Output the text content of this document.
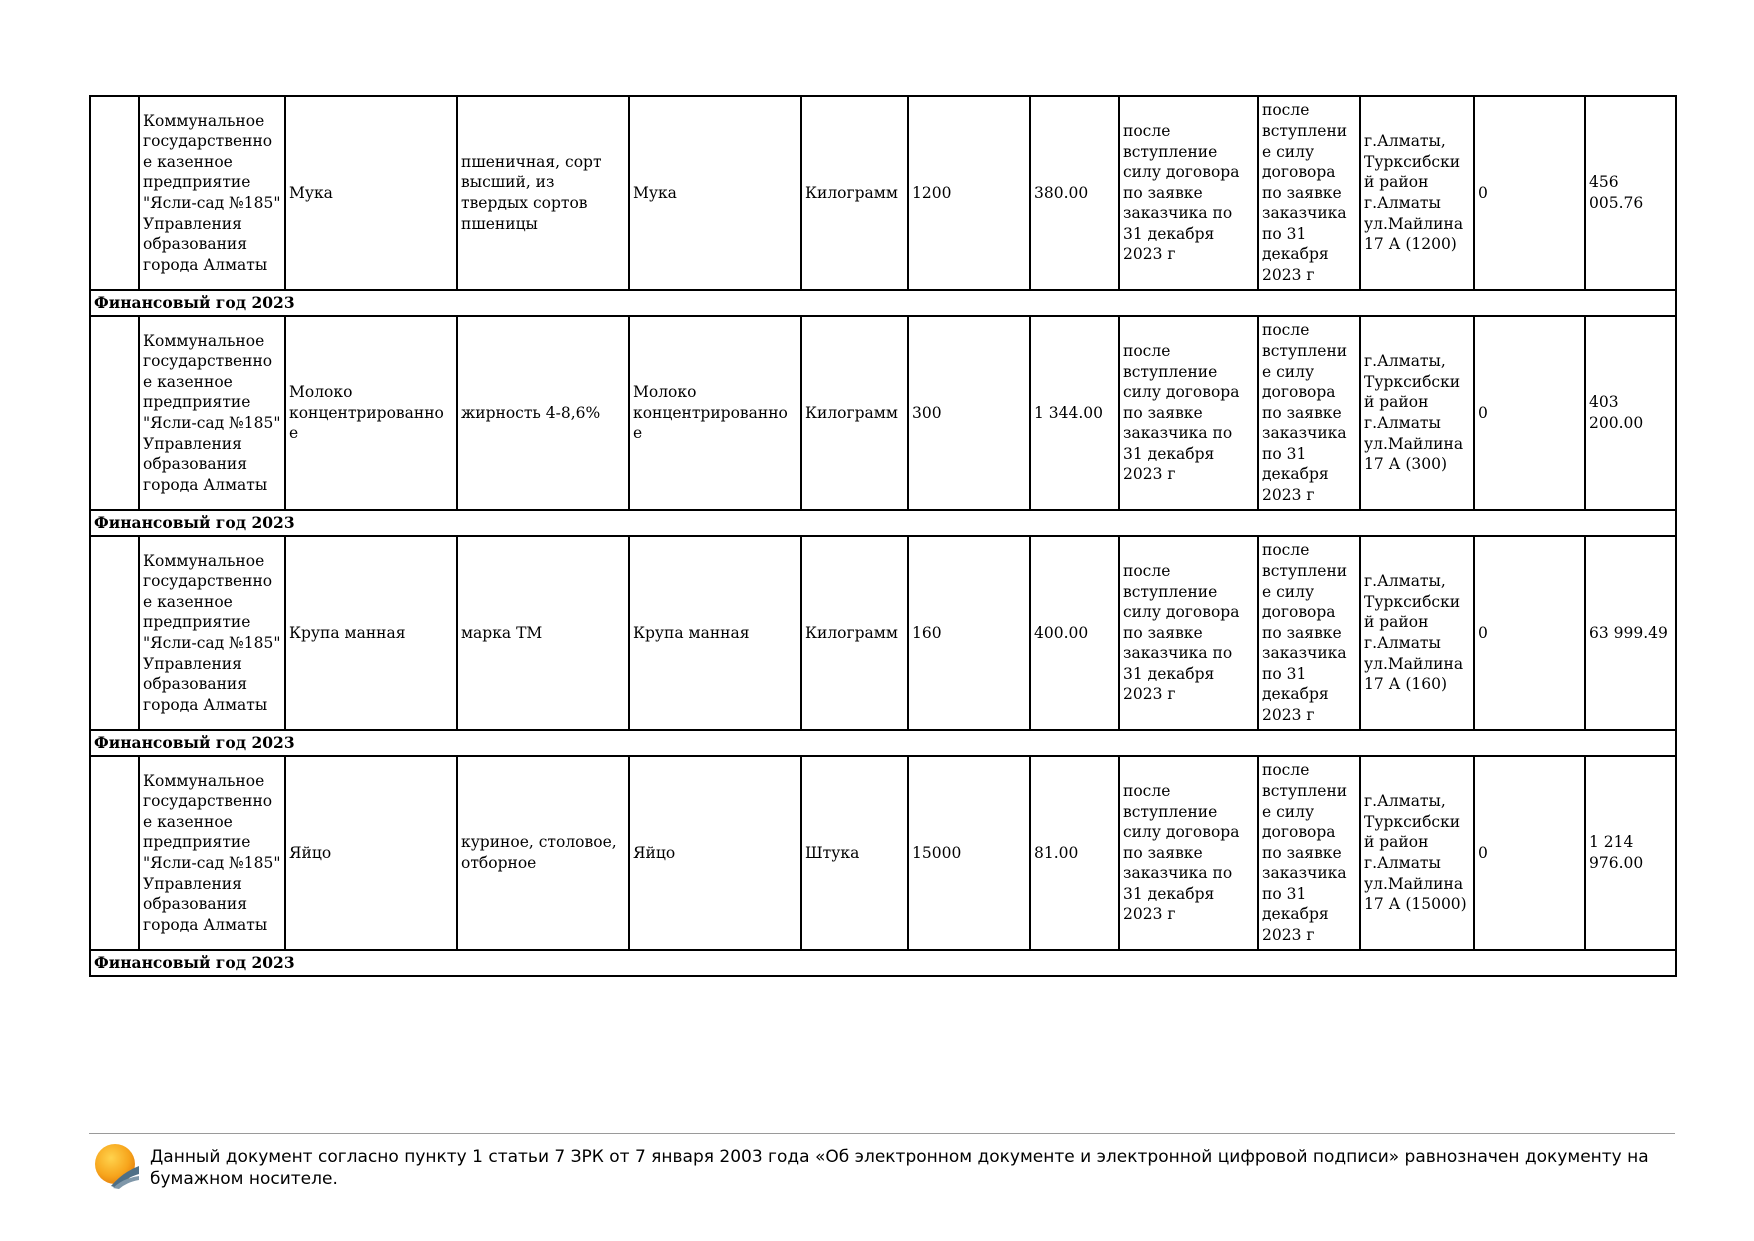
	Коммунальное государственное казенное предприятие "Ясли-сад №185" Управления образования города Алматы	Мука	пшеничная, сорт высший, из твердых сортов пшеницы	Мука	Килограмм	1200	380.00	после вступление силу договора по заявке заказчика по 31 декабря 2023 г	после вступление силу договора по заявке заказчика по 31 декабря 2023 г	г.Алматы, Турксибский район г.Алматы ул.Майлина 17 А (1200)	0	456 005.76

Финансовый год 2023												

	Коммунальное государственное казенное предприятие "Ясли-сад №185" Управления образования города Алматы	Молоко концентрированное	жирность 4-8,6%	Молоко концентрированное	Килограмм	300	1 344.00	после вступление силу договора по заявке заказчика по 31 декабря 2023 г	после вступление силу договора по заявке заказчика по 31 декабря 2023 г	г.Алматы, Турксибский район г.Алматы ул.Майлина 17 А (300)	0	403 200.00

Финансовый год 2023												

	Коммунальное государственное казенное предприятие "Ясли-сад №185" Управления образования города Алматы	Крупа манная	марка ТМ	Крупа манная	Килограмм	160	400.00	после вступление силу договора по заявке заказчика по 31 декабря 2023 г	после вступление силу договора по заявке заказчика по 31 декабря 2023 г	г.Алматы, Турксибский район г.Алматы ул.Майлина 17 А (160)	0	63 999.49

Финансовый год 2023												

	Коммунальное государственное казенное предприятие "Ясли-сад №185" Управления образования города Алматы	Яйцо	куриное, столовое, отборное	Яйцо	Штука	15000	81.00	после вступление силу договора по заявке заказчика по 31 декабря 2023 г	после вступление силу договора по заявке заказчика по 31 декабря 2023 г	г.Алматы, Турксибский район г.Алматы ул.Майлина 17 А (15000)	0	1 214 976.00

Финансовый год 2023												
Данный документ согласно пункту 1 статьи 7 ЗРК от 7 января 2003 года «Об электронном документе и электронной цифровой подписи» равнозначен документу на бумажном носителе.
